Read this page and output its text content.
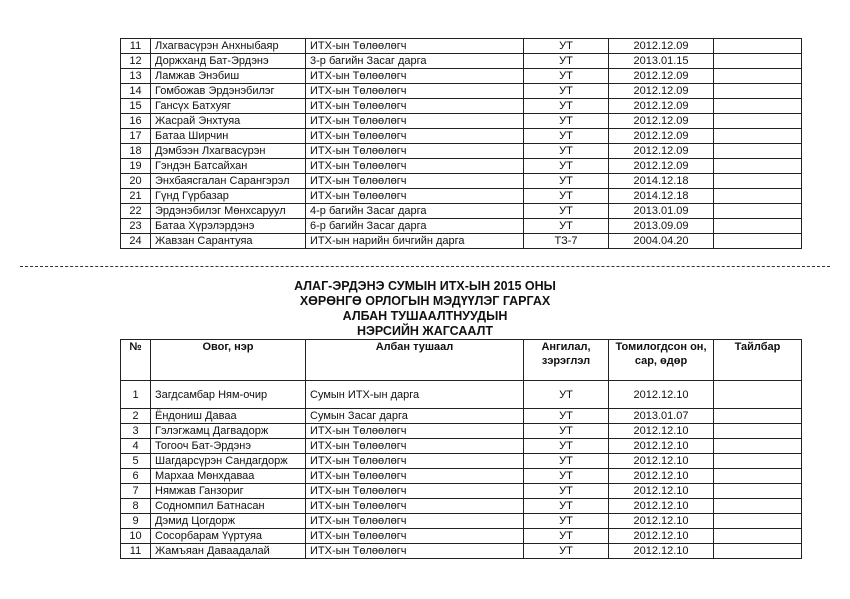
11	Лхагвасүрэн Анхныбаяр	ИТХ-ын Төлөөлөгч	УТ	2012.12.09	
12	Доржханд Бат-Эрдэнэ	3-р багийн Засаг дарга	УТ	2013.01.15	
13	Ламжав Энэбиш	ИТХ-ын Төлөөлөгч	УТ	2012.12.09	
14	Гомбожав Эрдэнэбилэг	ИТХ-ын Төлөөлөгч	УТ	2012.12.09	
15	Гансүх Батхуяг	ИТХ-ын Төлөөлөгч	УТ	2012.12.09	
16	Жасрай Энхтуяа	ИТХ-ын Төлөөлөгч	УТ	2012.12.09	
17	Батаа Ширчин	ИТХ-ын Төлөөлөгч	УТ	2012.12.09	
18	Дэмбээн Лхагвасүрэн	ИТХ-ын Төлөөлөгч	УТ	2012.12.09	
19	Гэндэн Батсайхан	ИТХ-ын Төлөөлөгч	УТ	2012.12.09	
20	Энхбаясгалан Сарангэрэл	ИТХ-ын Төлөөлөгч	УТ	2014.12.18	
21	Гүнд Гүрбазар	ИТХ-ын Төлөөлөгч	УТ	2014.12.18	
22	Эрдэнэбилэг Мөнхсаруул	4-р багийн Засаг дарга	УТ	2013.01.09	
23	Батаа Хүрэлэрдэнэ	6-р багийн Засаг дарга	УТ	2013.09.09	
24	Жавзан Сарантуяа	ИТХ-ын нарийн бичгийн дарга	ТЗ-7	2004.04.20	
АЛАГ-ЭРДЭНЭ СУМЫН ИТХ-ЫН 2015 ОНЫ
ХӨРӨНГӨ ОРЛОГЫН МЭДҮҮЛЭГ ГАРГАХ
АЛБАН ТУШААЛТНУУДЫН
НЭРСИЙН ЖАГСААЛТ
№	Овог, нэр	Албан тушаал	Ангилал, зэрэглэл	Томилогдсон он, сар, өдөр	Тайлбар
1	Загдсамбар Ням-очир	Сумын ИТХ-ын дарга	УТ	2012.12.10	
2	Ёндониш Даваа	Сумын Засаг дарга	УТ	2013.01.07	
3	Гэлэгжамц Дагвадорж	ИТХ-ын Төлөөлөгч	УТ	2012.12.10	
4	Тогооч Бат-Эрдэнэ	ИТХ-ын Төлөөлөгч	УТ	2012.12.10	
5	Шагдарсүрэн Сандагдорж	ИТХ-ын Төлөөлөгч	УТ	2012.12.10	
6	Мархаа Мөнхдаваа	ИТХ-ын Төлөөлөгч	УТ	2012.12.10	
7	Нямжав Ганзориг	ИТХ-ын Төлөөлөгч	УТ	2012.12.10	
8	Содномпил Батнасан	ИТХ-ын Төлөөлөгч	УТ	2012.12.10	
9	Дэмид Цогдорж	ИТХ-ын Төлөөлөгч	УТ	2012.12.10	
10	Сосорбарам Үүртуяа	ИТХ-ын Төлөөлөгч	УТ	2012.12.10	
11	Жамъяан Даваадалай	ИТХ-ын Төлөөлөгч	УТ	2012.12.10	
